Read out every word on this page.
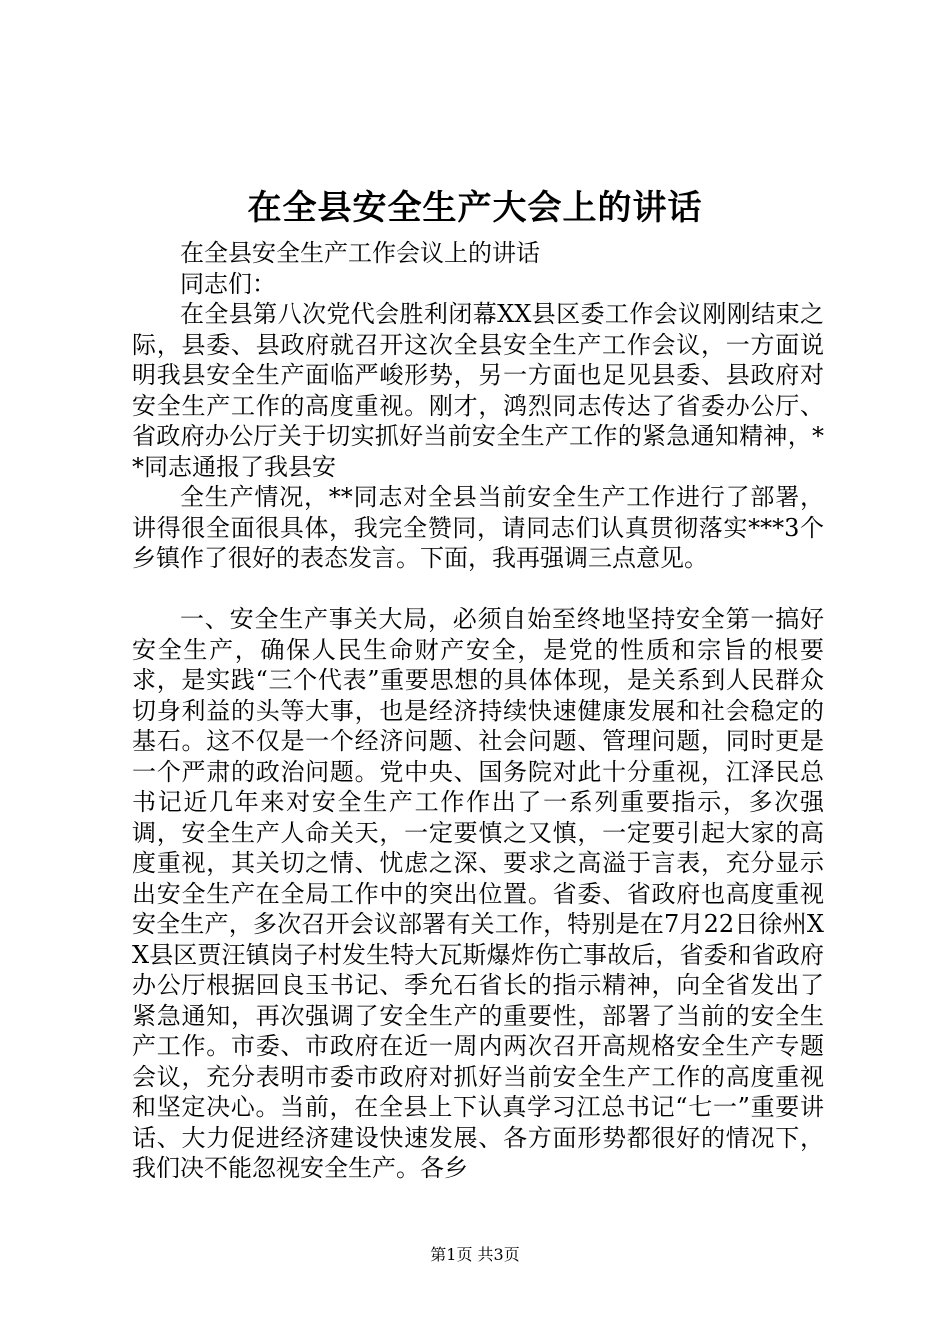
在全县安全生产大会上的讲话

在全县安全生产工作会议上的讲话

同志们：

在全县第八次党代会胜利闭幕XX县区委工作会议刚刚结束之际，县委、县政府就召开这次全县安全生产工作会议，一方面说明我县安全生产面临严峻形势，另一方面也足见县委、县政府对安全生产工作的高度重视。刚才，鸿烈同志传达了省委办公厅、省政府办公厅关于切实抓好当前安全生产工作的紧急通知精神，**同志通报了我县安

全生产情况，**同志对全县当前安全生产工作进行了部署，讲得很全面很具体，我完全赞同，请同志们认真贯彻落实***3个乡镇作了很好的表态发言。下面，我再强调三点意见。

一、安全生产事关大局，必须自始至终地坚持安全第一搞好安全生产，确保人民生命财产安全，是党的性质和宗旨的根要求，是实践“三个代表”重要思想的具体体现，是关系到人民群众切身利益的头等大事，也是经济持续快速健康发展和社会稳定的基石。这不仅是一个经济问题、社会问题、管理问题，同时更是一个严肃的政治问题。党中央、国务院对此十分重视，江泽民总书记近几年来对安全生产工作作出了一系列重要指示，多次强调，安全生产人命关天，一定要慎之又慎，一定要引起大家的高度重视，其关切之情、忧虑之深、要求之高溢于言表，充分显示出安全生产在全局工作中的突出位置。省委、省政府也高度重视安全生产，多次召开会议部署有关工作，特别是在7月22日徐州XX县区贾汪镇岗子村发生特大瓦斯爆炸伤亡事故后，省委和省政府办公厅根据回良玉书记、季允石省长的指示精神，向全省发出了紧急通知，再次强调了安全生产的重要性，部署了当前的安全生产工作。市委、市政府在近一周内两次召开高规格安全生产专题会议，充分表明市委市政府对抓好当前安全生产工作的高度重视和坚定决心。当前，在全县上下认真学习江总书记“七一”重要讲话、大力促进经济建设快速发展、各方面形势都很好的情况下，我们决不能忽视安全生产。各乡

第1页 共3页
